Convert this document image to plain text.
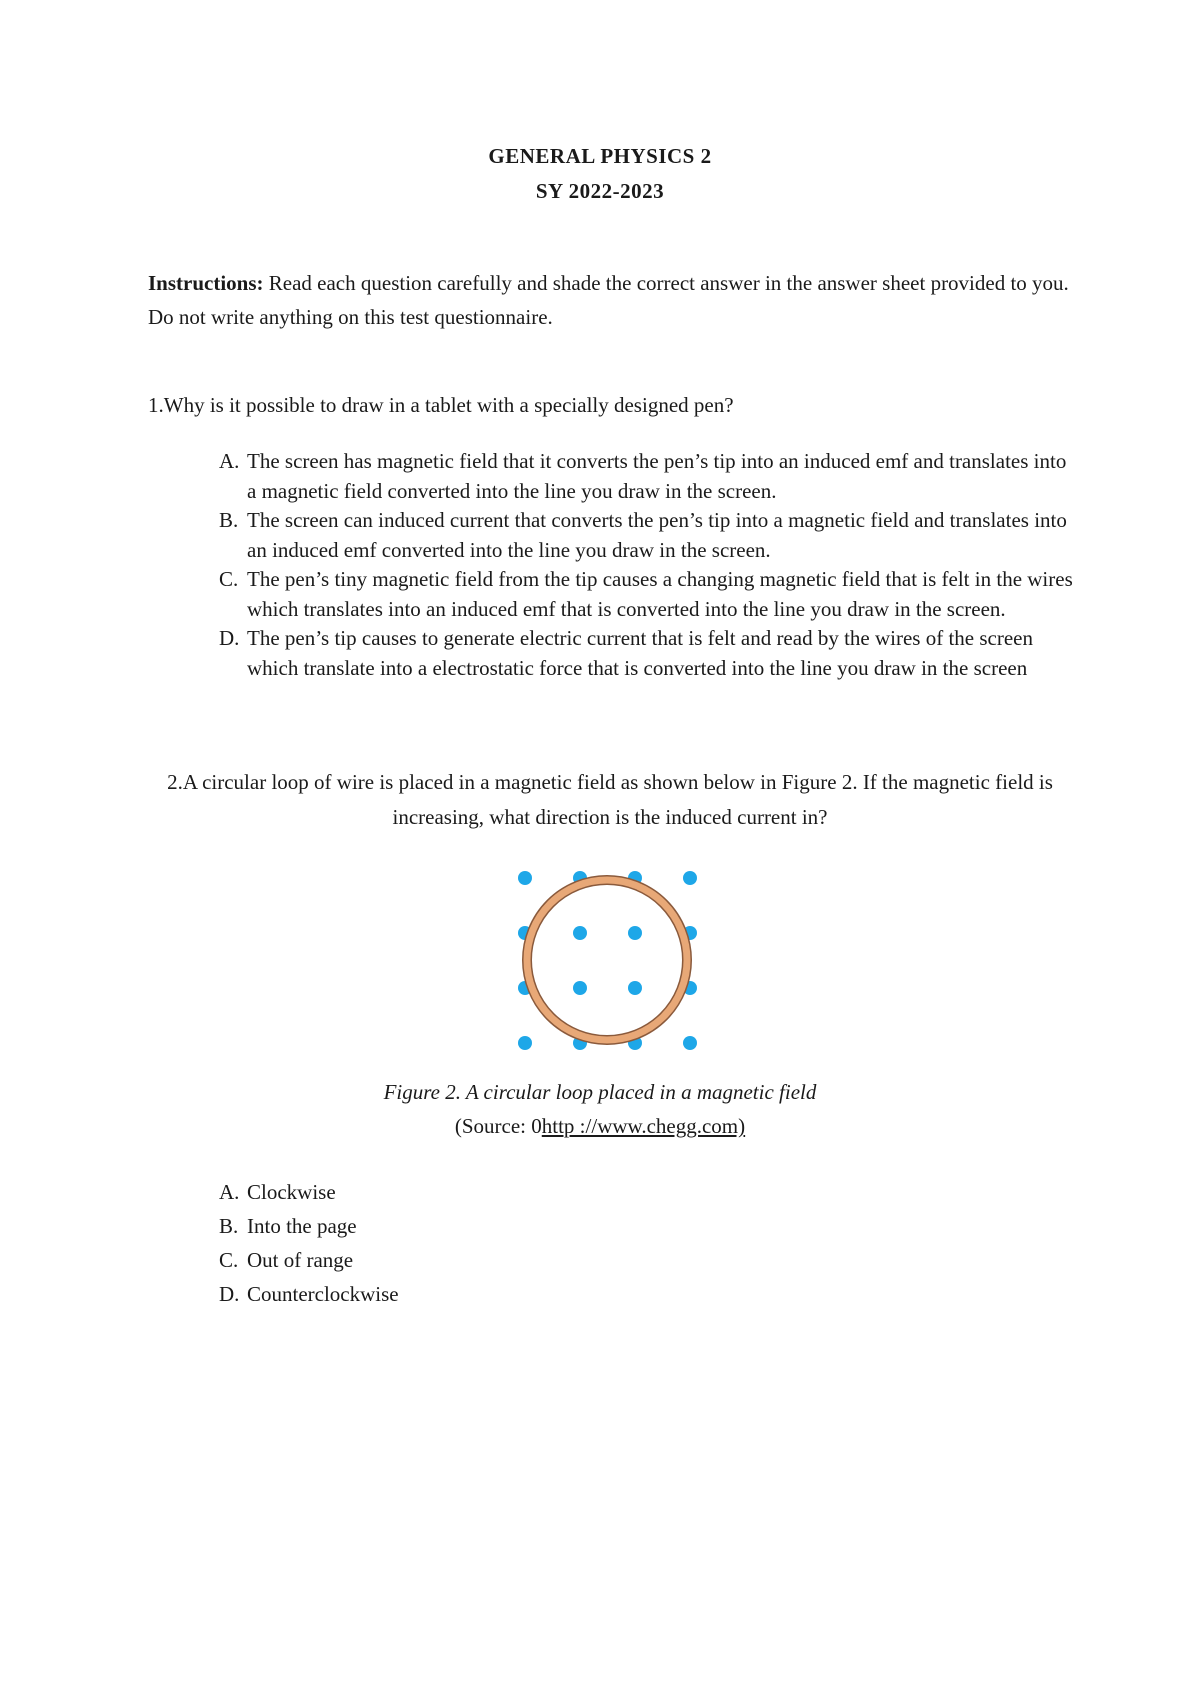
GENERAL PHYSICS 2
SY 2022-2023
Instructions: Read each question carefully and shade the correct answer in the answer sheet provided to you. Do not write anything on this test questionnaire.
1.Why is it possible to draw in a tablet with a specially designed pen?
A. The screen has magnetic field that it converts the pen’s tip into an induced emf and translates into a magnetic field converted into the line you draw in the screen.
B. The screen can induced current that converts the pen’s tip into a magnetic field and translates into an induced emf converted into the line you draw in the screen.
C. The pen’s tiny magnetic field from the tip causes a changing magnetic field that is felt in the wires which translates into an induced emf that is converted into the line you draw in the screen.
D. The pen’s tip causes to generate electric current that is felt and read by the wires of the screen which translate into a electrostatic force that is converted into the line you draw in the screen
2.A circular loop of wire is placed in a magnetic field as shown below in Figure 2. If the magnetic field is increasing, what direction is the induced current in?
Figure 2. A circular loop placed in a magnetic field
(Source: 0http ://www.chegg.com)
A. Clockwise
B. Into the page
C. Out of range
D. Counterclockwise
